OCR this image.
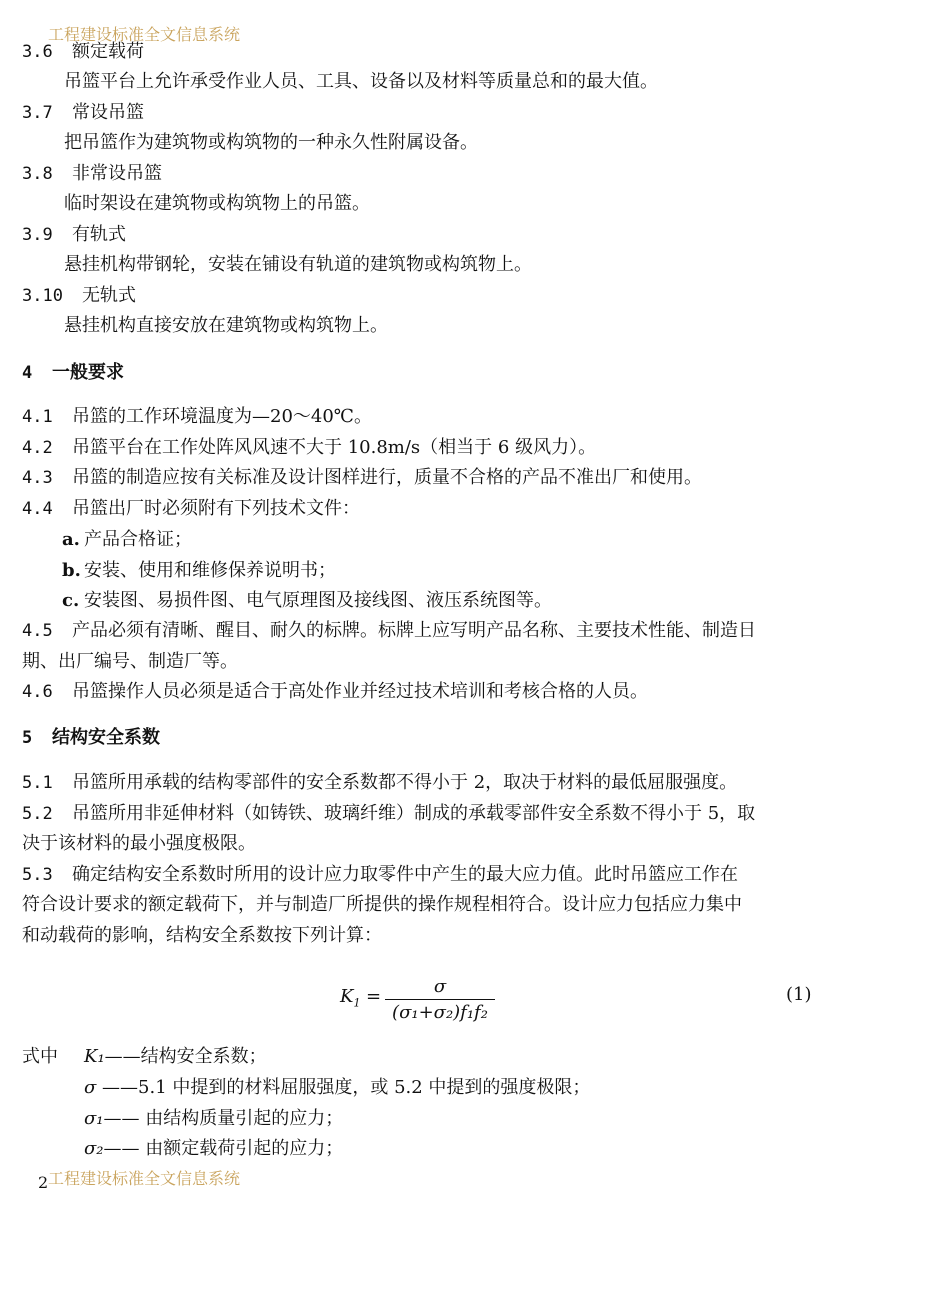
工程建设标准全文信息系统
3.6 额定载荷
吊篮平台上允许承受作业人员、工具、设备以及材料等质量总和的最大值。
3.7 常设吊篮
把吊篮作为建筑物或构筑物的一种永久性附属设备。
3.8 非常设吊篮
临时架设在建筑物或构筑物上的吊篮。
3.9 有轨式
悬挂机构带钢轮，安装在铺设有轨道的建筑物或构筑物上。
3.10 无轨式
悬挂机构直接安放在建筑物或构筑物上。
4 一般要求
4.1 吊篮的工作环境温度为—20～40℃。
4.2 吊篮平台在工作处阵风风速不大于 10.8m/s（相当于 6 级风力）。
4.3 吊篮的制造应按有关标准及设计图样进行，质量不合格的产品不准出厂和使用。
4.4 吊篮出厂时必须附有下列技术文件：
a. 产品合格证；
b. 安装、使用和维修保养说明书；
c. 安装图、易损件图、电气原理图及接线图、液压系统图等。
4.5 产品必须有清晰、醒目、耐久的标牌。标牌上应写明产品名称、主要技术性能、制造日
期、出厂编号、制造厂等。
4.6 吊篮操作人员必须是适合于高处作业并经过技术培训和考核合格的人员。
5 结构安全系数
5.1 吊篮所用承载的结构零部件的安全系数都不得小于 2，取决于材料的最低屈服强度。
5.2 吊篮所用非延伸材料（如铸铁、玻璃纤维）制成的承载零部件安全系数不得小于 5，取
决于该材料的最小强度极限。
5.3 确定结构安全系数时所用的设计应力取零件中产生的最大应力值。此时吊篮应工作在
符合设计要求的额定载荷下，并与制造厂所提供的操作规程相符合。设计应力包括应力集中
和动载荷的影响，结构安全系数按下列计算：
$K_1$ =	σ
(σ₁+σ₂)f₁f₂
(1)
式中 K₁——结构安全系数；
σ ——5.1 中提到的材料屈服强度，或 5.2 中提到的强度极限；
σ₁—— 由结构质量引起的应力；
σ₂—— 由额定载荷引起的应力；
2 工程建设标准全文信息系统
